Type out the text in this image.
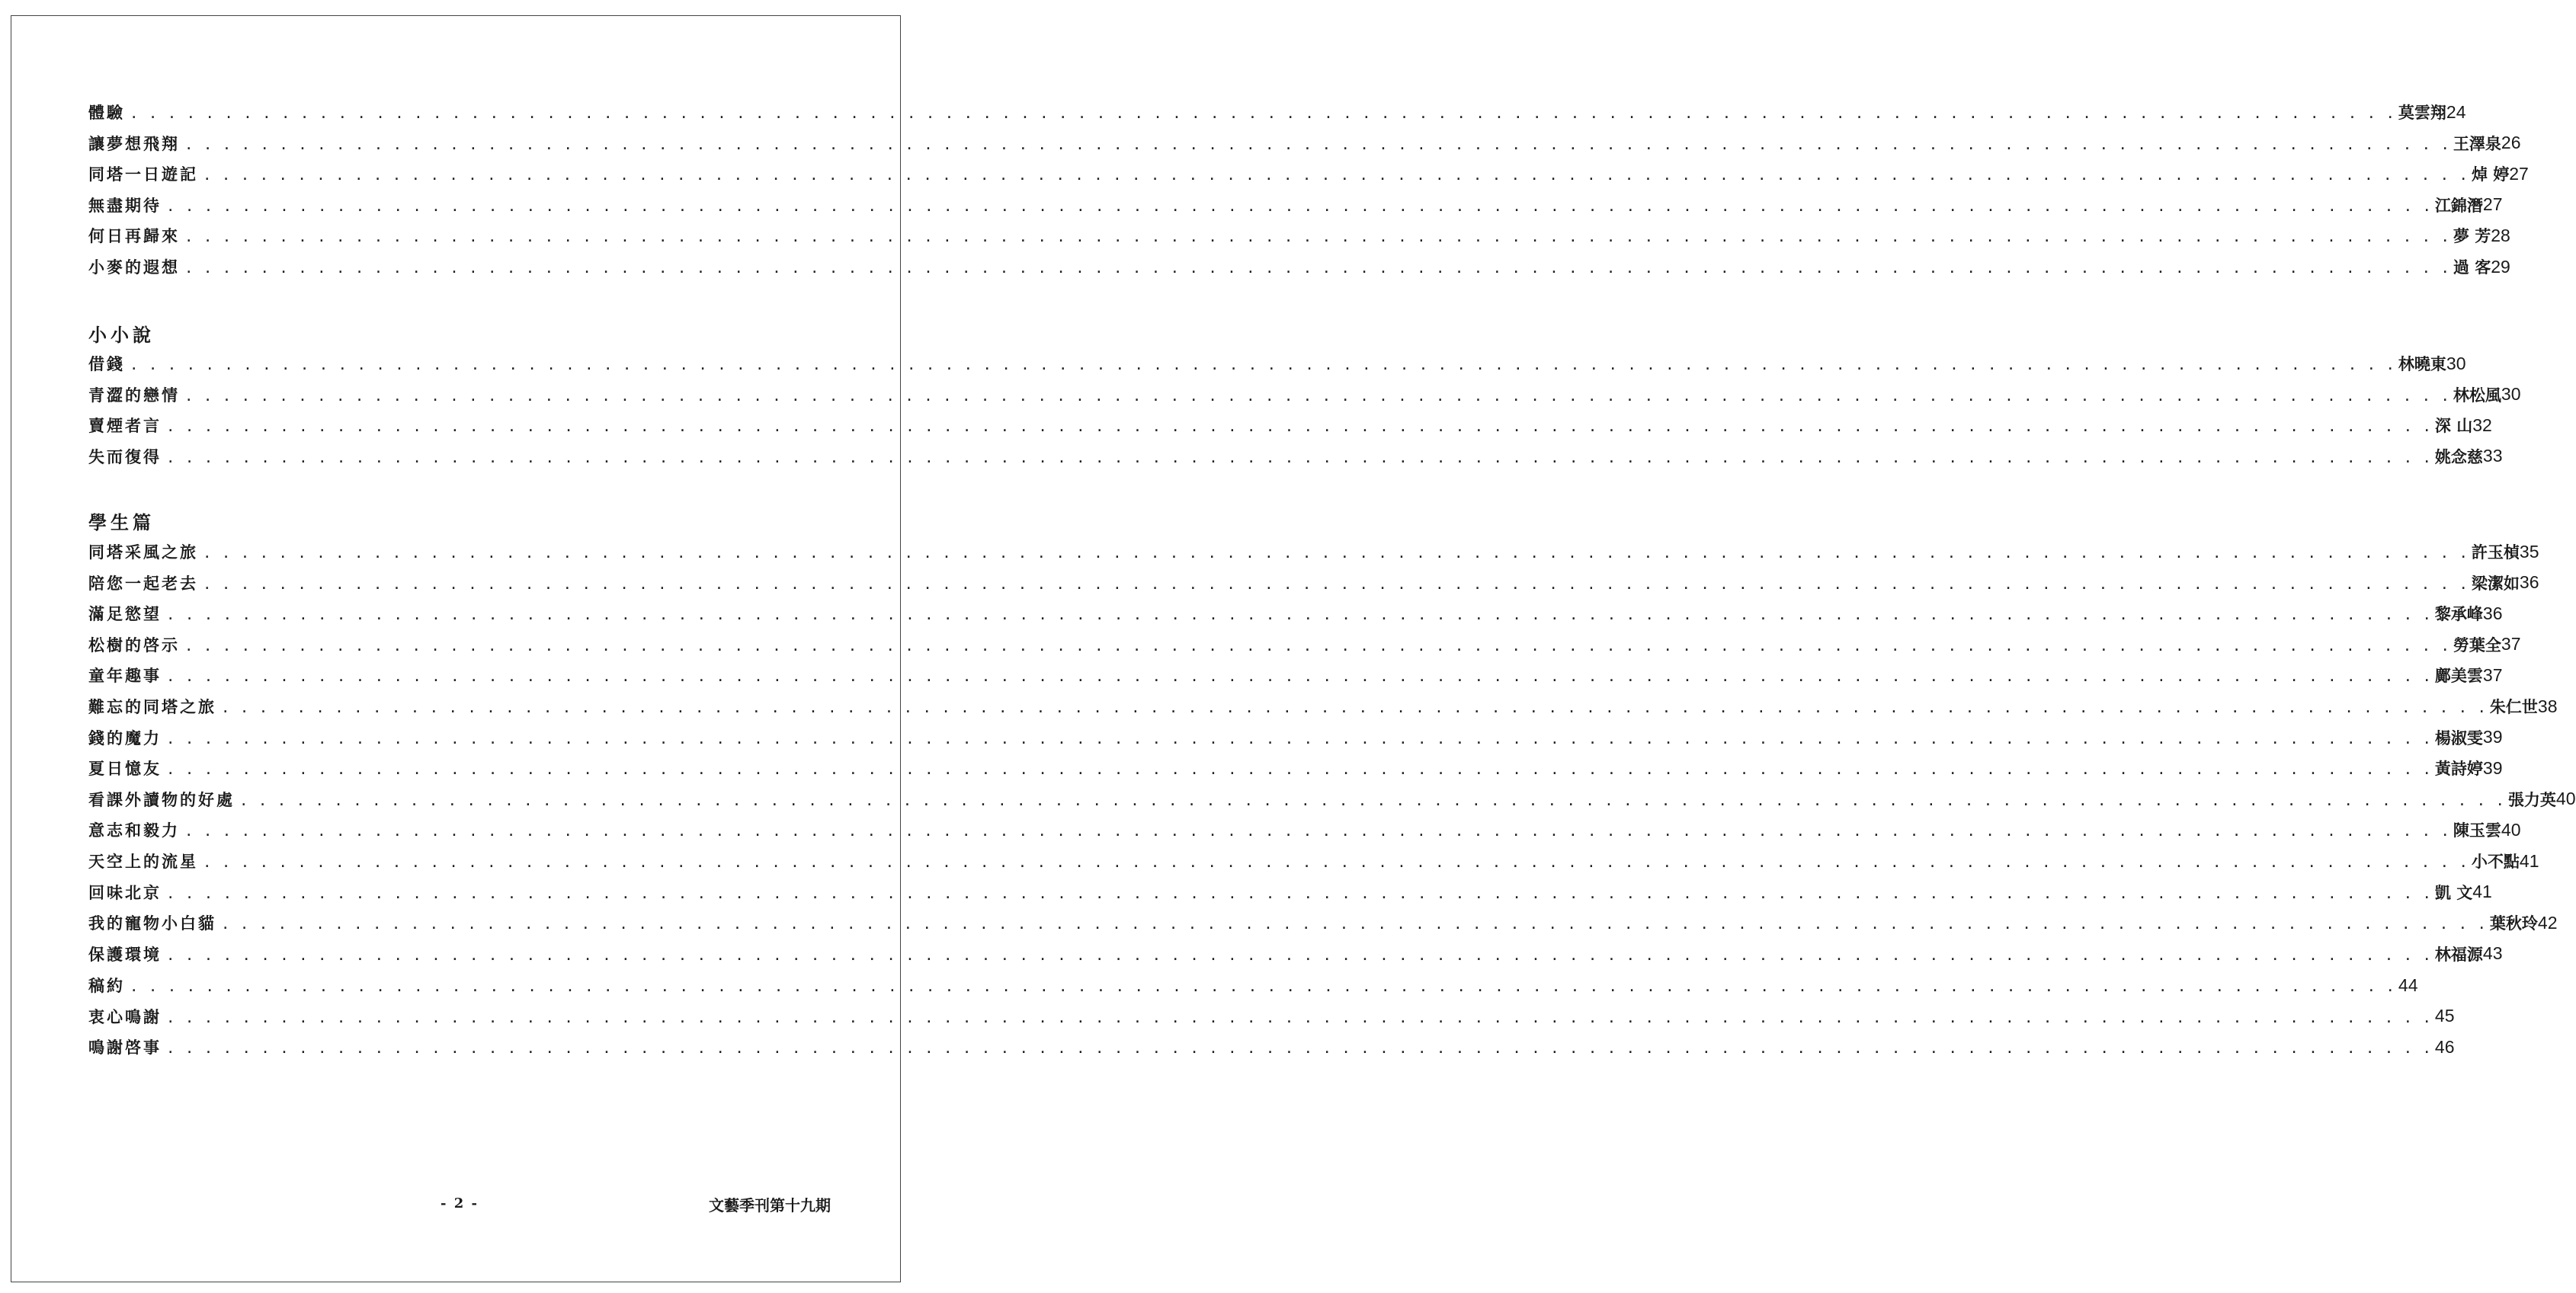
小小說
學生篇
體驗 . . . . . . . . . . . . . . . . . . . . . . . . . . . . . . . . . . . . . . . . . . . . . . . . . . . . . . . . . . . . . . . . . . . . . . . . . . . . . . . . . . . . . . . . . . . . . . . . . . . . . . . . . . . . . . . . . . . . . . . . 莫雲翔 24
讓夢想飛翔 . . . . . . . . . . . . . . . . . . . . . . . . . . . . . . . . . . . . . . . . . . . . . . . . . . . . . . . . . . . . . . . . . . . . . . . . . . . . . . . . . . . . . . . . . . . . . . . . . . . . . . . . . . . . . . . . . . . . . . . . 王澤泉 26
同塔一日遊記 . . . . . . . . . . . . . . . . . . . . . . . . . . . . . . . . . . . . . . . . . . . . . . . . . . . . . . . . . . . . . . . . . . . . . . . . . . . . . . . . . . . . . . . . . . . . . . . . . . . . . . . . . . . . . . . . . . . . . . . . 焯 婷 27
無盡期待 . . . . . . . . . . . . . . . . . . . . . . . . . . . . . . . . . . . . . . . . . . . . . . . . . . . . . . . . . . . . . . . . . . . . . . . . . . . . . . . . . . . . . . . . . . . . . . . . . . . . . . . . . . . . . . . . . . . . . . . . 江錦潛 27
何日再歸來 . . . . . . . . . . . . . . . . . . . . . . . . . . . . . . . . . . . . . . . . . . . . . . . . . . . . . . . . . . . . . . . . . . . . . . . . . . . . . . . . . . . . . . . . . . . . . . . . . . . . . . . . . . . . . . . . . . . . . . . . 夢 芳 28
小麥的遐想 . . . . . . . . . . . . . . . . . . . . . . . . . . . . . . . . . . . . . . . . . . . . . . . . . . . . . . . . . . . . . . . . . . . . . . . . . . . . . . . . . . . . . . . . . . . . . . . . . . . . . . . . . . . . . . . . . . . . . . . . 過 客 29
借錢 . . . . . . . . . . . . . . . . . . . . . . . . . . . . . . . . . . . . . . . . . . . . . . . . . . . . . . . . . . . . . . . . . . . . . . . . . . . . . . . . . . . . . . . . . . . . . . . . . . . . . . . . . . . . . . . . . . . . . . . . 林曉東 30
青澀的戀情 . . . . . . . . . . . . . . . . . . . . . . . . . . . . . . . . . . . . . . . . . . . . . . . . . . . . . . . . . . . . . . . . . . . . . . . . . . . . . . . . . . . . . . . . . . . . . . . . . . . . . . . . . . . . . . . . . . . . . . . . 林松風 30
賣煙者言 . . . . . . . . . . . . . . . . . . . . . . . . . . . . . . . . . . . . . . . . . . . . . . . . . . . . . . . . . . . . . . . . . . . . . . . . . . . . . . . . . . . . . . . . . . . . . . . . . . . . . . . . . . . . . . . . . . . . . . . . 深 山 32
失而復得 . . . . . . . . . . . . . . . . . . . . . . . . . . . . . . . . . . . . . . . . . . . . . . . . . . . . . . . . . . . . . . . . . . . . . . . . . . . . . . . . . . . . . . . . . . . . . . . . . . . . . . . . . . . . . . . . . . . . . . . . 姚念慈 33
同塔采風之旅 . . . . . . . . . . . . . . . . . . . . . . . . . . . . . . . . . . . . . . . . . . . . . . . . . . . . . . . . . . . . . . . . . . . . . . . . . . . . . . . . . . . . . . . . . . . . . . . . . . . . . . . . . . . . . . . . . . . . . . . . 許玉楨 35
陪您一起老去 . . . . . . . . . . . . . . . . . . . . . . . . . . . . . . . . . . . . . . . . . . . . . . . . . . . . . . . . . . . . . . . . . . . . . . . . . . . . . . . . . . . . . . . . . . . . . . . . . . . . . . . . . . . . . . . . . . . . . . . . 梁潔如 36
滿足慾望 . . . . . . . . . . . . . . . . . . . . . . . . . . . . . . . . . . . . . . . . . . . . . . . . . . . . . . . . . . . . . . . . . . . . . . . . . . . . . . . . . . . . . . . . . . . . . . . . . . . . . . . . . . . . . . . . . . . . . . . . 黎承峰 36
松樹的啓示 . . . . . . . . . . . . . . . . . . . . . . . . . . . . . . . . . . . . . . . . . . . . . . . . . . . . . . . . . . . . . . . . . . . . . . . . . . . . . . . . . . . . . . . . . . . . . . . . . . . . . . . . . . . . . . . . . . . . . . . . 勞葉全 37
童年趣事 . . . . . . . . . . . . . . . . . . . . . . . . . . . . . . . . . . . . . . . . . . . . . . . . . . . . . . . . . . . . . . . . . . . . . . . . . . . . . . . . . . . . . . . . . . . . . . . . . . . . . . . . . . . . . . . . . . . . . . . . 鄺美雲 37
難忘的同塔之旅 . . . . . . . . . . . . . . . . . . . . . . . . . . . . . . . . . . . . . . . . . . . . . . . . . . . . . . . . . . . . . . . . . . . . . . . . . . . . . . . . . . . . . . . . . . . . . . . . . . . . . . . . . . . . . . . . . . . . . . . . 朱仁世 38
錢的魔力 . . . . . . . . . . . . . . . . . . . . . . . . . . . . . . . . . . . . . . . . . . . . . . . . . . . . . . . . . . . . . . . . . . . . . . . . . . . . . . . . . . . . . . . . . . . . . . . . . . . . . . . . . . . . . . . . . . . . . . . . 楊淑雯 39
夏日憶友 . . . . . . . . . . . . . . . . . . . . . . . . . . . . . . . . . . . . . . . . . . . . . . . . . . . . . . . . . . . . . . . . . . . . . . . . . . . . . . . . . . . . . . . . . . . . . . . . . . . . . . . . . . . . . . . . . . . . . . . . 黃詩婷 39
看課外讀物的好處 . . . . . . . . . . . . . . . . . . . . . . . . . . . . . . . . . . . . . . . . . . . . . . . . . . . . . . . . . . . . . . . . . . . . . . . . . . . . . . . . . . . . . . . . . . . . . . . . . . . . . . . . . . . . . . . . . . . . . . . . 張力英 40
意志和毅力 . . . . . . . . . . . . . . . . . . . . . . . . . . . . . . . . . . . . . . . . . . . . . . . . . . . . . . . . . . . . . . . . . . . . . . . . . . . . . . . . . . . . . . . . . . . . . . . . . . . . . . . . . . . . . . . . . . . . . . . . 陳玉雲 40
天空上的流星 . . . . . . . . . . . . . . . . . . . . . . . . . . . . . . . . . . . . . . . . . . . . . . . . . . . . . . . . . . . . . . . . . . . . . . . . . . . . . . . . . . . . . . . . . . . . . . . . . . . . . . . . . . . . . . . . . . . . . . . . 小不點 41
回味北京 . . . . . . . . . . . . . . . . . . . . . . . . . . . . . . . . . . . . . . . . . . . . . . . . . . . . . . . . . . . . . . . . . . . . . . . . . . . . . . . . . . . . . . . . . . . . . . . . . . . . . . . . . . . . . . . . . . . . . . . . 凱 文 41
我的寵物小白貓 . . . . . . . . . . . . . . . . . . . . . . . . . . . . . . . . . . . . . . . . . . . . . . . . . . . . . . . . . . . . . . . . . . . . . . . . . . . . . . . . . . . . . . . . . . . . . . . . . . . . . . . . . . . . . . . . . . . . . . . . 葉秋玲 42
保護環境 . . . . . . . . . . . . . . . . . . . . . . . . . . . . . . . . . . . . . . . . . . . . . . . . . . . . . . . . . . . . . . . . . . . . . . . . . . . . . . . . . . . . . . . . . . . . . . . . . . . . . . . . . . . . . . . . . . . . . . . . 林福源 43
稿約 . . . . . . . . . . . . . . . . . . . . . . . . . . . . . . . . . . . . . . . . . . . . . . . . . . . . . . . . . . . . . . . . . . . . . . . . . . . . . . . . . . . . . . . . . . . . . . . . . . . . . . . . . . . . . . . . . . . . . . . . 44
衷心鳴謝 . . . . . . . . . . . . . . . . . . . . . . . . . . . . . . . . . . . . . . . . . . . . . . . . . . . . . . . . . . . . . . . . . . . . . . . . . . . . . . . . . . . . . . . . . . . . . . . . . . . . . . . . . . . . . . . . . . . . . . . . 45
鳴謝啓事 . . . . . . . . . . . . . . . . . . . . . . . . . . . . . . . . . . . . . . . . . . . . . . . . . . . . . . . . . . . . . . . . . . . . . . . . . . . . . . . . . . . . . . . . . . . . . . . . . . . . . . . . . . . . . . . . . . . . . . . . 46
- 2 -	文藝季刊第十九期
